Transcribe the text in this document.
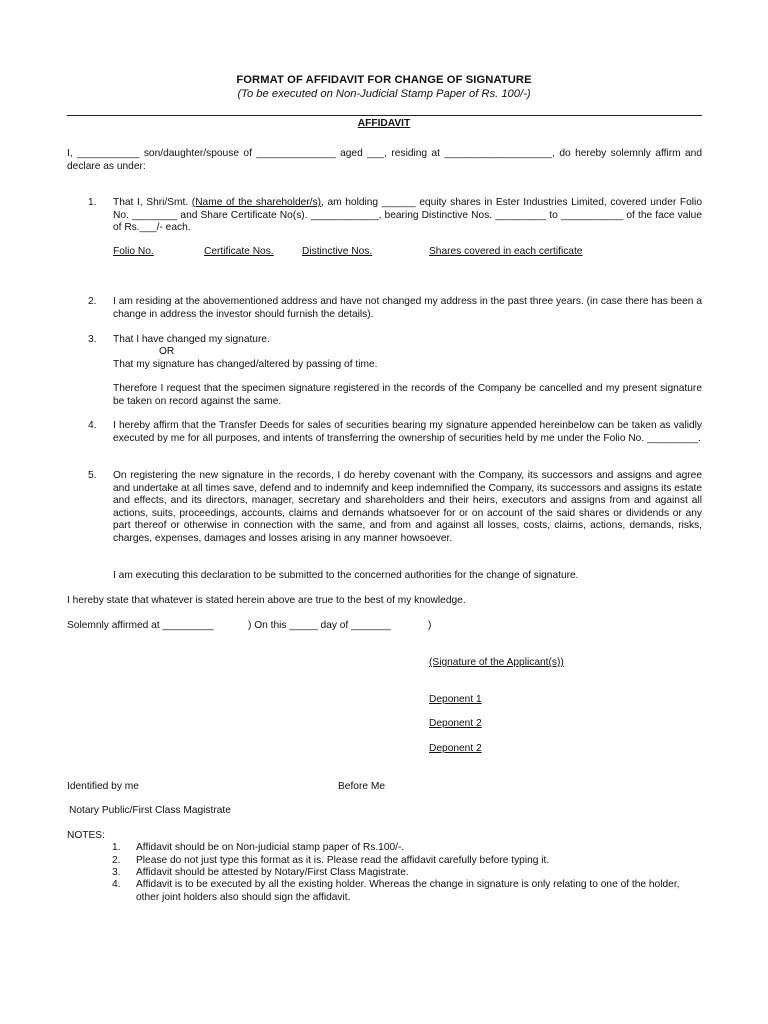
FORMAT OF AFFIDAVIT FOR CHANGE OF SIGNATURE
(To be executed on Non-Judicial Stamp Paper of Rs. 100/-)
AFFIDAVIT
I, ___________ son/daughter/spouse of ______________ aged ___, residing at ___________________, do hereby solemnly affirm and declare as under:
1.	That I, Shri/Smt. (Name of the shareholder/s), am holding ______ equity shares in Ester Industries Limited, covered under Folio No. ________ and Share Certificate No(s). ____________, bearing Distinctive Nos. _________ to ___________ of the face value of Rs.___/- each.
Folio No.	Certificate Nos.	Distinctive Nos.	Shares covered in each certificate
2.	I am residing at the abovementioned address and have not changed my address in the past three years. (in case there has been a change in address the investor should furnish the details).
3.	That I have changed my signature.
OR
That my signature has changed/altered by passing of time.
Therefore I request that the specimen signature registered in the records of the Company be cancelled and my present signature be taken on record against the same.
4.	I hereby affirm that the Transfer Deeds for sales of securities bearing my signature appended hereinbelow can be taken as validly executed by me for all purposes, and intents of transferring the ownership of securities held by me under the Folio No. _________.
5.	On registering the new signature in the records, I do hereby covenant with the Company, its successors and assigns and agree and undertake at all times save, defend and to indemnify and keep indemnified the Company, its successors and assigns its estate and effects, and its directors, manager, secretary and shareholders and their heirs, executors and assigns from and against all actions, suits, proceedings, accounts, claims and demands whatsoever for or on account of the said shares or dividends or any part thereof or otherwise in connection with the same, and from and against all losses, costs, claims, actions, demands, risks, charges, expenses, damages and losses arising in any manner howsoever.
I am executing this declaration to be submitted to the concerned authorities for the change of signature.
I hereby state that whatever is stated herein above are true to the best of my knowledge.
Solemnly affirmed at _________	) On this _____ day of _______	)
(Signature of the Applicant(s))
Deponent 1
Deponent 2
Deponent 2
Identified by me	Before Me
Notary Public/First Class Magistrate
NOTES:
1.	Affidavit should be on Non-judicial stamp paper of Rs.100/-.
2.	Please do not just type this format as it is. Please read the affidavit carefully before typing it.
3.	Affidavit should be attested by Notary/First Class Magistrate.
4.	Affidavit is to be executed by all the existing holder. Whereas the change in signature is only relating to one of the holder, other joint holders also should sign the affidavit.
